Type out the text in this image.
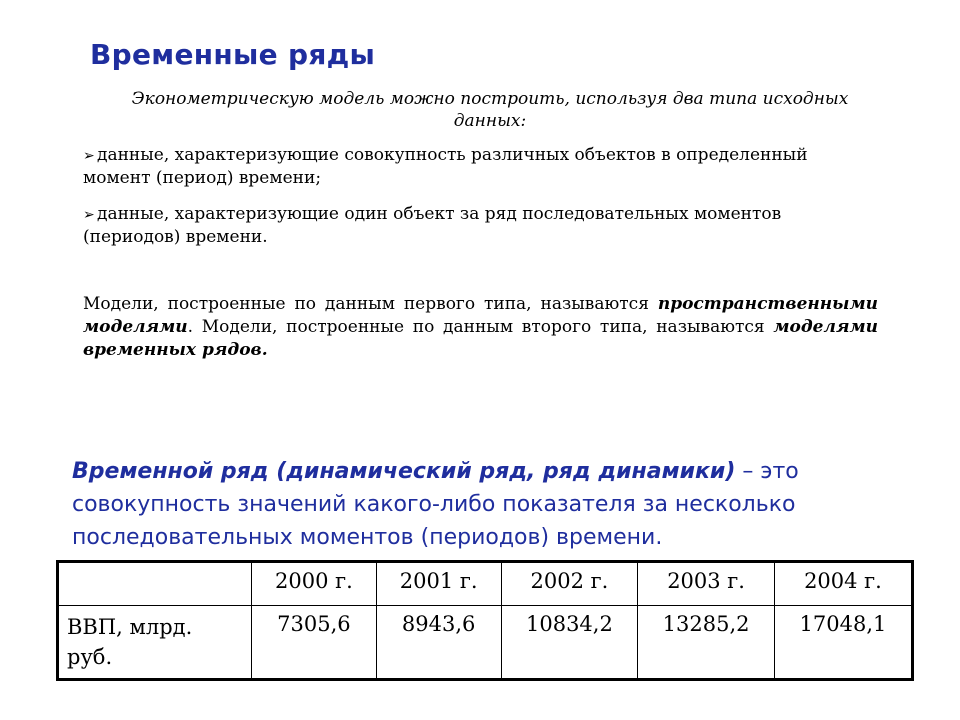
Временные ряды
Эконометрическую модель можно построить, используя два типа исходных данных:
➢ данные, характеризующие совокупность различных объектов в определенный момент (период) времени;
➢ данные, характеризующие один объект за ряд последовательных моментов (периодов) времени.
Модели, построенные по данным первого типа, называются пространственными моделями. Модели, построенные по данным второго типа, называются моделями временных рядов.
Временной ряд (динамический ряд, ряд динамики) – это совокупность значений какого-либо показателя за несколько последовательных моментов (периодов) времени.
	2000 г.	2001 г.	2002 г.	2003 г.	2004 г.
ВВП, млрд. руб.	7305,6	8943,6	10834,2	13285,2	17048,1
